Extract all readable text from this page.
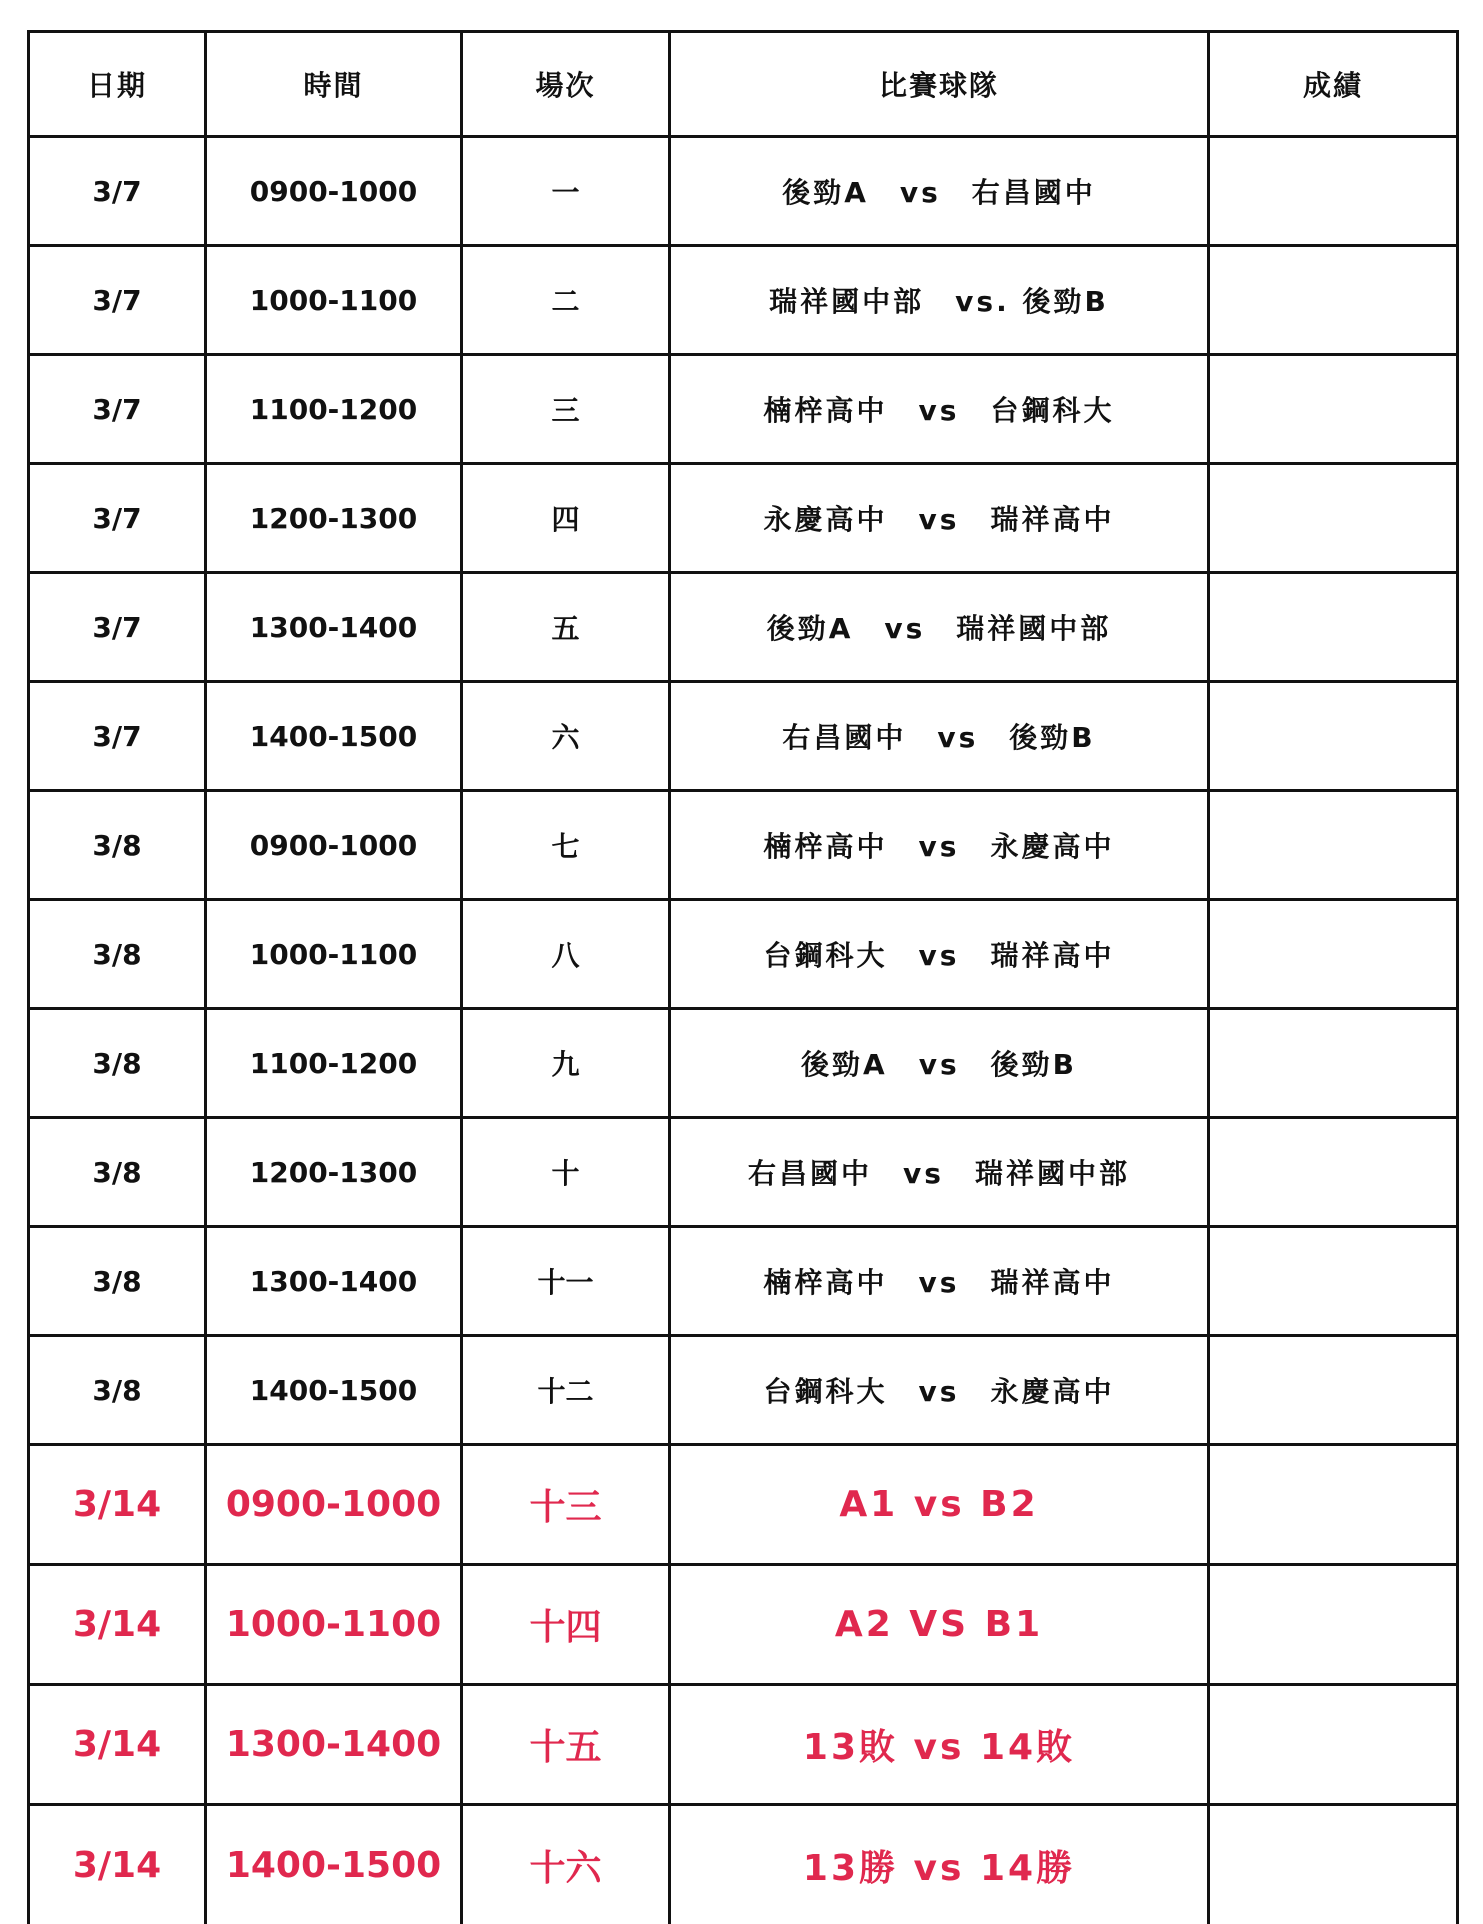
日期	時間	場次	比賽球隊	成績
3/7	0900-1000	一	後勁A　vs　右昌國中	
3/7	1000-1100	二	瑞祥國中部　vs. 後勁B	
3/7	1100-1200	三	楠梓高中　vs　台鋼科大	
3/7	1200-1300	四	永慶高中　vs　瑞祥高中	
3/7	1300-1400	五	後勁A　vs　瑞祥國中部	
3/7	1400-1500	六	右昌國中　vs　後勁B	
3/8	0900-1000	七	楠梓高中　vs　永慶高中	
3/8	1000-1100	八	台鋼科大　vs　瑞祥高中	
3/8	1100-1200	九	後勁A　vs　後勁B	
3/8	1200-1300	十	右昌國中　vs　瑞祥國中部	
3/8	1300-1400	十一	楠梓高中　vs　瑞祥高中	
3/8	1400-1500	十二	台鋼科大　vs　永慶高中	
3/14	0900-1000	十三	A1 vs B2	
3/14	1000-1100	十四	A2 VS B1	
3/14	1300-1400	十五	13敗 vs 14敗	
3/14	1400-1500	十六	13勝 vs 14勝	
